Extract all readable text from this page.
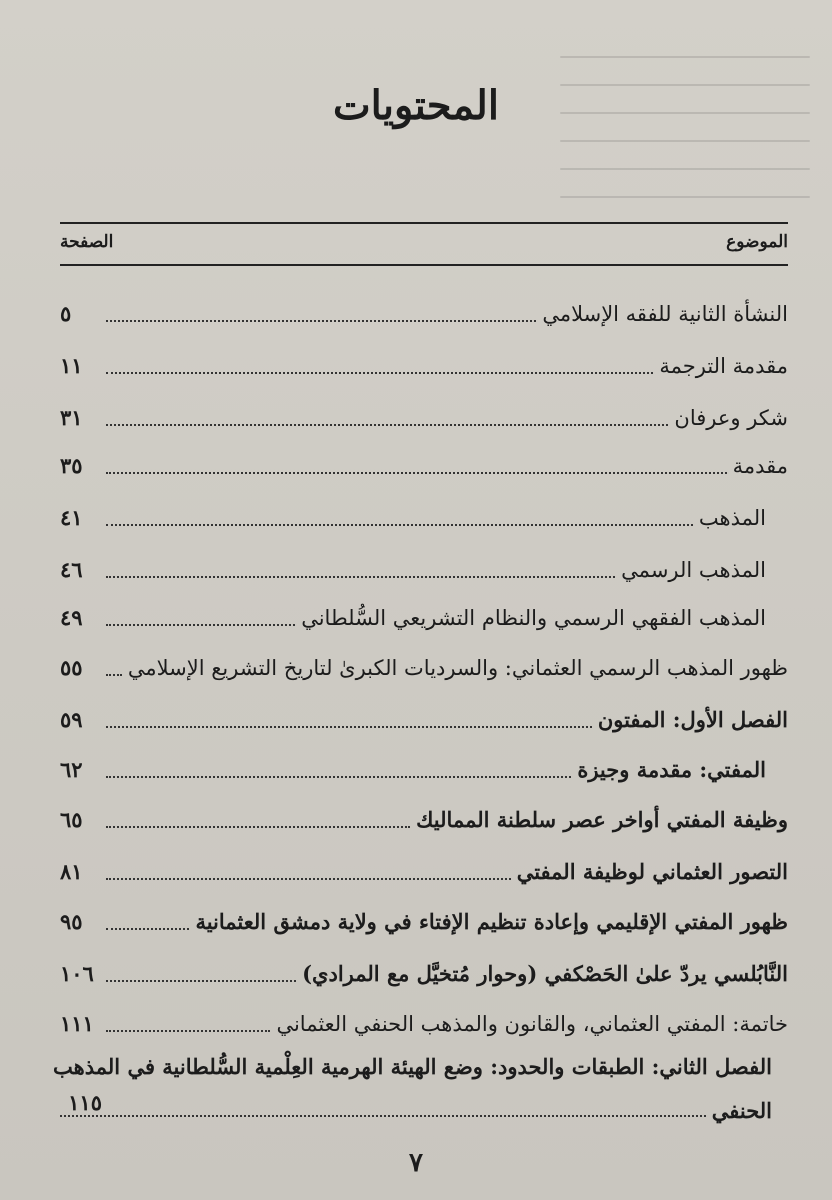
المحتويات
الموضوع
الصفحة
النشأة الثانية للفقه الإسلامي
٥
مقدمة الترجمة
١١
شكر وعرفان
٣١
مقدمة
٣٥
المذهب
٤١
المذهب الرسمي
٤٦
المذهب الفقهي الرسمي والنظام التشريعي السُّلطاني
٤٩
ظهور المذهب الرسمي العثماني: والسرديات الكبرىٰ لتاريخ التشريع الإسلامي
٥٥
الفصل الأول: المفتون
٥٩
المفتي: مقدمة وجيزة
٦٢
وظيفة المفتي أواخر عصر سلطنة المماليك
٦٥
التصور العثماني لوظيفة المفتي
٨١
ظهور المفتي الإقليمي وإعادة تنظيم الإفتاء في ولاية دمشق العثمانية
٩٥
النَّابُلسي يردّ علىٰ الحَصْكفي (وحوار مُتخيَّل مع المرادي)
١٠٦
خاتمة: المفتي العثماني، والقانون والمذهب الحنفي العثماني
١١١
الفصل الثاني: الطبقات والحدود: وضع الهيئة الهرمية العِلْمية السُّلطانية في المذهب
الحنفي
١١٥
٧
